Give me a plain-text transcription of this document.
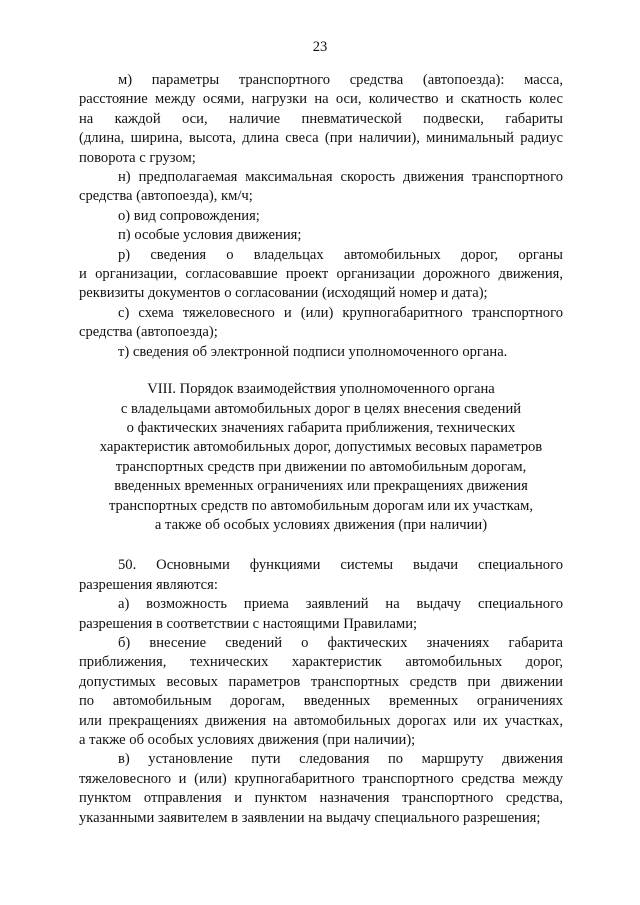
23

м) параметры транспортного средства (автопоезда): масса,

расстояние между осями, нагрузки на оси, количество и скатность колес

на каждой оси, наличие пневматической подвески, габариты

(длина, ширина, высота, длина свеса (при наличии), минимальный радиус

поворота с грузом;

н) предполагаемая максимальная скорость движения транспортного

средства (автопоезда), км/ч;

о) вид сопровождения;

п) особые условия движения;

р) сведения о владельцах автомобильных дорог, органы

и организации, согласовавшие проект организации дорожного движения,

реквизиты документов о согласовании (исходящий номер и дата);

с) схема тяжеловесного и (или) крупногабаритного транспортного

средства (автопоезда);

т) сведения об электронной подписи уполномоченного органа.

VIII. Порядок взаимодействия уполномоченного органа

с владельцами автомобильных дорог в целях внесения сведений

о фактических значениях габарита приближения, технических

характеристик автомобильных дорог, допустимых весовых параметров

транспортных средств при движении по автомобильным дорогам,

введенных временных ограничениях или прекращениях движения

транспортных средств по автомобильным дорогам или их участкам,

а также об особых условиях движения (при наличии)

50. Основными функциями системы выдачи специального

разрешения являются:

а) возможность приема заявлений на выдачу специального

разрешения в соответствии с настоящими Правилами;

б) внесение сведений о фактических значениях габарита

приближения, технических характеристик автомобильных дорог,

допустимых весовых параметров транспортных средств при движении

по автомобильным дорогам, введенных временных ограничениях

или прекращениях движения на автомобильных дорогах или их участках,

а также об особых условиях движения (при наличии);

в) установление пути следования по маршруту движения

тяжеловесного и (или) крупногабаритного транспортного средства между

пунктом отправления и пунктом назначения транспортного средства,

указанными заявителем в заявлении на выдачу специального разрешения;
